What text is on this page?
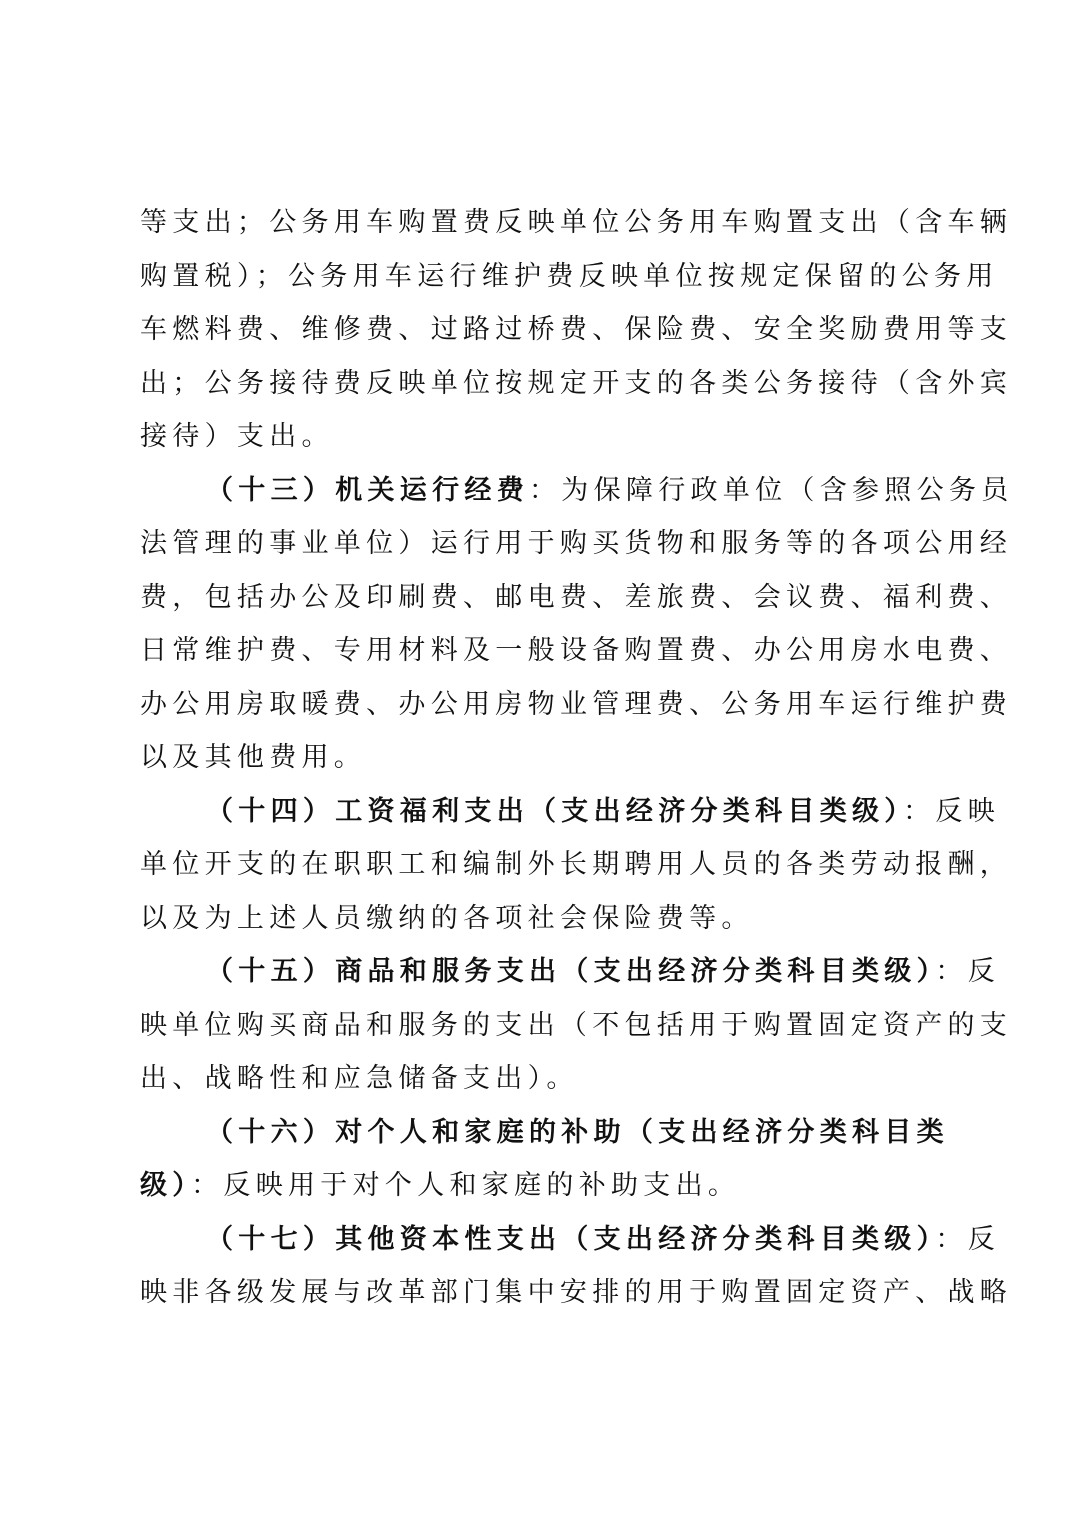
等支出；公务用车购置费反映单位公务用车购置支出（含车辆
购置税）；公务用车运行维护费反映单位按规定保留的公务用
车燃料费、维修费、过路过桥费、保险费、安全奖励费用等支
出；公务接待费反映单位按规定开支的各类公务接待（含外宾
接待）支出。
（十三）机关运行经费：为保障行政单位（含参照公务员
法管理的事业单位）运行用于购买货物和服务等的各项公用经
费，包括办公及印刷费、邮电费、差旅费、会议费、福利费、
日常维护费、专用材料及一般设备购置费、办公用房水电费、
办公用房取暖费、办公用房物业管理费、公务用车运行维护费
以及其他费用。
（十四）工资福利支出（支出经济分类科目类级）：反映
单位开支的在职职工和编制外长期聘用人员的各类劳动报酬，
以及为上述人员缴纳的各项社会保险费等。
（十五）商品和服务支出（支出经济分类科目类级）：反
映单位购买商品和服务的支出（不包括用于购置固定资产的支
出、战略性和应急储备支出）。
（十六）对个人和家庭的补助（支出经济分类科目类
级）：反映用于对个人和家庭的补助支出。
（十七）其他资本性支出（支出经济分类科目类级）：反
映非各级发展与改革部门集中安排的用于购置固定资产、战略
